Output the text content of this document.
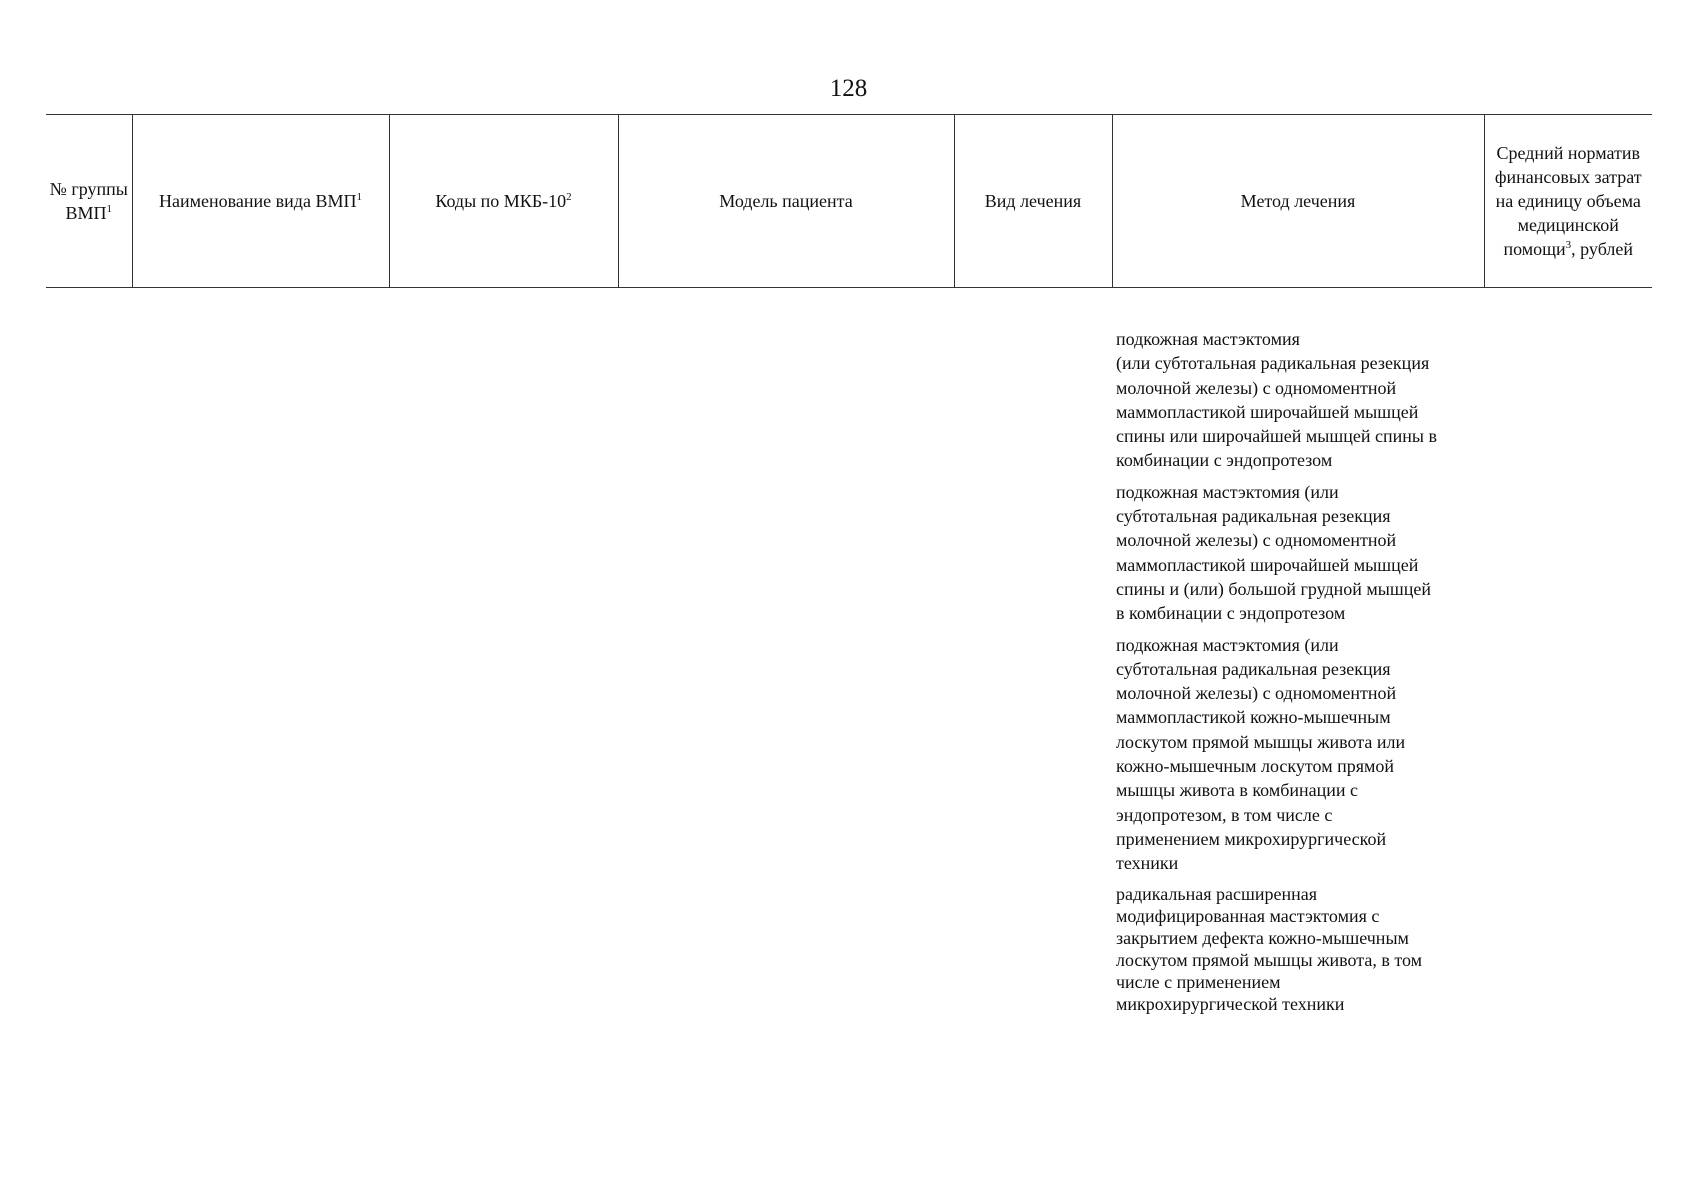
128
№ группы ВМП$^1$	Наименование вида ВМП$^1$	Коды по МКБ-$10^2$	Модель пациента	Вид лечения	Метод лечения	Средний норматив финансовых затрат на единицу объема медицинской помощи$^3$, рублей
подкожная мастэктомия
(или субтотальная радикальная резекция
молочной железы) с одномоментной
маммопластикой широчайшей мышцей
спины или широчайшей мышцей спины в
комбинации с эндопротезом
подкожная мастэктомия (или
субтотальная радикальная резекция
молочной железы) с одномоментной
маммопластикой широчайшей мышцей
спины и (или) большой грудной мышцей
в комбинации с эндопротезом
подкожная мастэктомия (или
субтотальная радикальная резекция
молочной железы) с одномоментной
маммопластикой кожно-мышечным
лоскутом прямой мышцы живота или
кожно-мышечным лоскутом прямой
мышцы живота в комбинации с
эндопротезом, в том числе с
применением микрохирургической
техники
радикальная расширенная
модифицированная мастэктомия с
закрытием дефекта кожно-мышечным
лоскутом прямой мышцы живота, в том
числе с применением
микрохирургической техники
